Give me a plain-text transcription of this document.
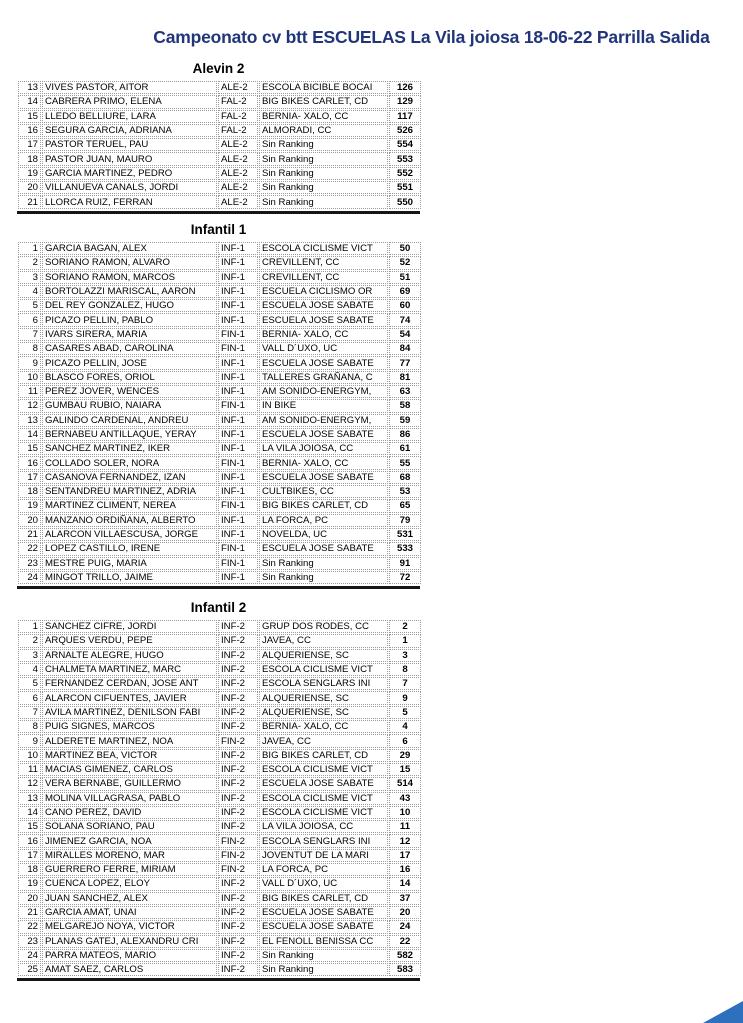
Campeonato cv btt ESCUELAS La Vila joiosa 18-06-22 Parrilla Salida
Alevin 2
13	VIVES PASTOR, AITOR	ALE-2	ESCOLA BICIBLE BOCAI	126
14	CABRERA PRIMO, ELENA	FAL-2	BIG BIKES CARLET, CD	129
15	LLEDO BELLIURE, LARA	FAL-2	BERNIA- XALO, CC	117
16	SEGURA GARCIA, ADRIANA	FAL-2	ALMORADI, CC	526
17	PASTOR TERUEL, PAU	ALE-2	Sin Ranking	554
18	PASTOR JUAN, MAURO	ALE-2	Sin Ranking	553
19	GARCIA MARTINEZ, PEDRO	ALE-2	Sin Ranking	552
20	VILLANUEVA CANALS, JORDI	ALE-2	Sin Ranking	551
21	LLORCA RUIZ, FERRAN	ALE-2	Sin Ranking	550
Infantil 1
1	GARCIA BAGAN, ALEX	INF-1	ESCOLA CICLISME VICT	50
2	SORIANO RAMON, ALVARO	INF-1	CREVILLENT, CC	52
3	SORIANO RAMON, MARCOS	INF-1	CREVILLENT, CC	51
4	BORTOLAZZI MARISCAL, AARON	INF-1	ESCUELA CICLISMO OR	69
5	DEL REY GONZALEZ, HUGO	INF-1	ESCUELA JOSE SABATE	60
6	PICAZO PELLIN, PABLO	INF-1	ESCUELA JOSE SABATE	74
7	IVARS SIRERA, MARIA	FIN-1	BERNIA- XALO, CC	54
8	CASARES ABAD, CAROLINA	FIN-1	VALL D´UXO, UC	84
9	PICAZO PELLIN, JOSE	INF-1	ESCUELA JOSE SABATE	77
10	BLASCO FORES, ORIOL	INF-1	TALLERES GRAÑANA, C	81
11	PEREZ JOVER, WENCES	INF-1	AM SONIDO-ENERGYM,	63
12	GUMBAU RUBIO, NAIARA	FIN-1	IN BIKE	58
13	GALINDO CARDENAL, ANDREU	INF-1	AM SONIDO-ENERGYM,	59
14	BERNABEU ANTILLAQUE, YERAY	INF-1	ESCUELA JOSE SABATE	86
15	SANCHEZ MARTINEZ, IKER	INF-1	LA VILA JOIOSA, CC	61
16	COLLADO SOLER, NORA	FIN-1	BERNIA- XALO, CC	55
17	CASANOVA FERNANDEZ, IZAN	INF-1	ESCUELA JOSE SABATE	68
18	SENTANDREU MARTINEZ, ADRIA	INF-1	CULTBIKES, CC	53
19	MARTINEZ CLIMENT, NEREA	FIN-1	BIG BIKES CARLET, CD	65
20	MANZANO ORDIÑANA, ALBERTO	INF-1	LA FORCA, PC	79
21	ALARCON VILLAESCUSA, JORGE	INF-1	NOVELDA, UC	531
22	LOPEZ CASTILLO, IRENE	FIN-1	ESCUELA JOSE SABATE	533
23	MESTRE PUIG, MARIA	FIN-1	Sin Ranking	91
24	MINGOT TRILLO, JAIME	INF-1	Sin Ranking	72
Infantil 2
1	SANCHEZ CIFRE, JORDI	INF-2	GRUP DOS RODES, CC	2
2	ARQUES VERDU, PEPE	INF-2	JAVEA, CC	1
3	ARNALTE ALEGRE, HUGO	INF-2	ALQUERIENSE, SC	3
4	CHALMETA MARTINEZ, MARC	INF-2	ESCOLA CICLISME VICT	8
5	FERNANDEZ CERDAN, JOSE ANT	INF-2	ESCOLA SENGLARS INI	7
6	ALARCON CIFUENTES, JAVIER	INF-2	ALQUERIENSE, SC	9
7	AVILA MARTINEZ, DENILSON FABI	INF-2	ALQUERIENSE, SC	5
8	PUIG SIGNES, MARCOS	INF-2	BERNIA- XALO, CC	4
9	ALDERETE MARTINEZ, NOA	FIN-2	JAVEA, CC	6
10	MARTINEZ BEA, VICTOR	INF-2	BIG BIKES CARLET, CD	29
11	MACIAS GIMENEZ, CARLOS	INF-2	ESCOLA CICLISME VICT	15
12	VERA BERNABE, GUILLERMO	INF-2	ESCUELA JOSE SABATE	514
13	MOLINA VILLAGRASA, PABLO	INF-2	ESCOLA CICLISME VICT	43
14	CANO PEREZ, DAVID	INF-2	ESCOLA CICLISME VICT	10
15	SOLANA SORIANO, PAU	INF-2	LA VILA JOIOSA, CC	11
16	JIMENEZ GARCIA, NOA	FIN-2	ESCOLA SENGLARS INI	12
17	MIRALLES MORENO, MAR	FIN-2	JOVENTUT DE LA MARI	17
18	GUERRERO FERRE, MIRIAM	FIN-2	LA FORCA, PC	16
19	CUENCA LOPEZ, ELOY	INF-2	VALL D´UXO, UC	14
20	JUAN SANCHEZ, ALEX	INF-2	BIG BIKES CARLET, CD	37
21	GARCIA AMAT, UNAI	INF-2	ESCUELA JOSE SABATE	20
22	MELGAREJO NOYA, VICTOR	INF-2	ESCUELA JOSE SABATE	24
23	PLANAS GATEJ, ALEXANDRU CRI	INF-2	EL FENOLL BENISSA CC	22
24	PARRA MATEOS, MARIO	INF-2	Sin Ranking	582
25	AMAT SAEZ, CARLOS	INF-2	Sin Ranking	583
